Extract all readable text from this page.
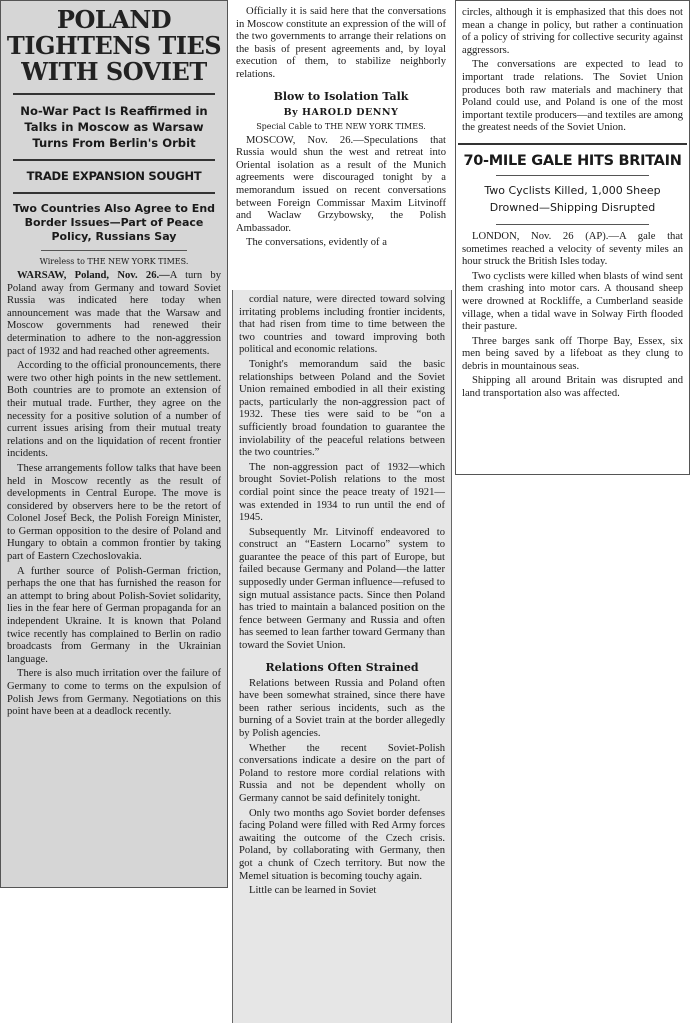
POLAND TIGHTENS TIES WITH SOVIET
No-War Pact Is Reaffirmed in Talks in Moscow as Warsaw Turns From Berlin's Orbit
TRADE EXPANSION SOUGHT
Two Countries Also Agree to End Border Issues—Part of Peace Policy, Russians Say
Wireless to THE NEW YORK TIMES.

WARSAW, Poland, Nov. 26.—A turn by Poland away from Germany and toward Soviet Russia was indicated here today when announcement was made that the Warsaw and Moscow governments had renewed their determination to adhere to the non-aggression pact of 1932 and had reached other agreements.

According to the official pronouncements, there were two other high points in the new settlement. Both countries are to promote an extension of their mutual trade. Further, they agree on the necessity for a positive solution of a number of current issues arising from their mutual treaty relations and on the liquidation of recent frontier incidents.

These arrangements follow talks that have been held in Moscow recently as the result of developments in Central Europe. The move is considered by observers here to be the retort of Colonel Josef Beck, the Polish Foreign Minister, to German opposition to the desire of Poland and Hungary to obtain a common frontier by taking part of Eastern Czechoslovakia.

A further source of Polish-German friction, perhaps the one that has furnished the reason for an attempt to bring about Polish-Soviet solidarity, lies in the fear here of German propaganda for an independent Ukraine. It is known that Poland twice recently has complained to Berlin on radio broadcasts from Germany in the Ukrainian language.

There is also much irritation over the failure of Germany to come to terms on the expulsion of Polish Jews from Germany. Negotiations on this point have been at a deadlock recently.

Officially it is said here that the conversations in Moscow constitute an expression of the will of the two governments to arrange their relations on the basis of present agreements and, by loyal execution of them, to stabilize neighborly relations.

Blow to Isolation Talk
By HAROLD DENNY
Special Cable to THE NEW YORK TIMES.

MOSCOW, Nov. 26.—Speculations that Russia would shun the west and retreat into Oriental isolation as a result of the Munich agreements were discouraged tonight by a memorandum issued on recent conversations between Foreign Commissar Maxim Litvinoff and Waclaw Grzybowsky, the Polish Ambassador.

The conversations, evidently of a

cordial nature, were directed toward solving irritating problems including frontier incidents, that had risen from time to time between the two countries and toward improving both political and economic relations.

Tonight's memorandum said the basic relationships between Poland and the Soviet Union remained embodied in all their existing pacts, particularly the non-aggression pact of 1932. These ties were said to be “on a sufficiently broad foundation to guarantee the inviolability of the peaceful relations between the two countries.”

The non-aggression pact of 1932—which brought Soviet-Polish relations to the most cordial point since the peace treaty of 1921—was extended in 1934 to run until the end of 1945.

Subsequently Mr. Litvinoff endeavored to construct an “Eastern Locarno” system to guarantee the peace of this part of Europe, but failed because Germany and Poland—the latter supposedly under German influence—refused to sign mutual assistance pacts. Since then Poland has tried to maintain a balanced position on the fence between Germany and Russia and often has seemed to lean farther toward Germany than toward the Soviet Union.

Relations Often Strained

Relations between Russia and Poland often have been somewhat strained, since there have been rather serious incidents, such as the burning of a Soviet train at the border allegedly by Polish agencies.

Whether the recent Soviet-Polish conversations indicate a desire on the part of Poland to restore more cordial relations with Russia and not be dependent wholly on Germany cannot be said definitely tonight.

Only two months ago Soviet border defenses facing Poland were filled with Red Army forces awaiting the outcome of the Czech crisis. Poland, by collaborating with Germany, then got a chunk of Czech territory. But now the Memel situation is becoming touchy again.

Little can be learned in Soviet

circles, although it is emphasized that this does not mean a change in policy, but rather a continuation of a policy of striving for collective security against aggressors.

The conversations are expected to lead to important trade relations. The Soviet Union produces both raw materials and machinery that Poland could use, and Poland is one of the most important textile producers—and textiles are among the greatest needs of the Soviet Union.

70-MILE GALE HITS BRITAIN
Two Cyclists Killed, 1,000 Sheep Drowned—Shipping Disrupted

LONDON, Nov. 26 (AP).—A gale that sometimes reached a velocity of seventy miles an hour struck the British Isles today.

Two cyclists were killed when blasts of wind sent them crashing into motor cars. A thousand sheep were drowned at Rockliffe, a Cumberland seaside village, when a tidal wave in Solway Firth flooded their pasture.

Three barges sank off Thorpe Bay, Essex, six men being saved by a lifeboat as they clung to debris in mountainous seas.

Shipping all around Britain was disrupted and land transportation also was affected.
